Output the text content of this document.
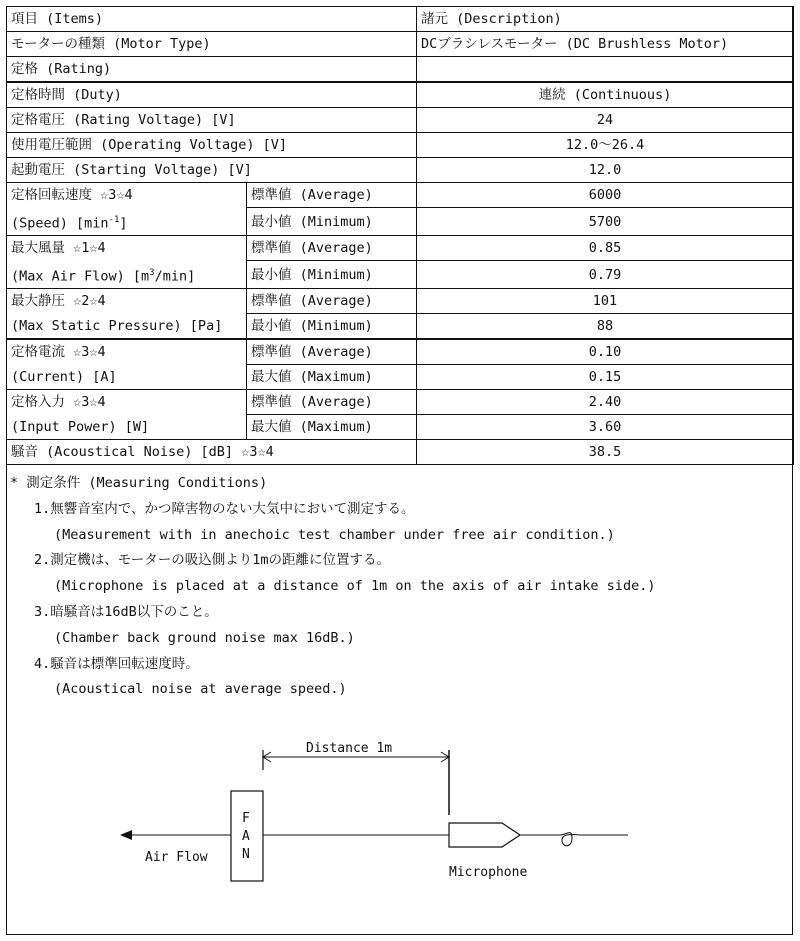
項目 (Items)		諸元 (Description)
モーターの種類 (Motor Type)		DCブラシレスモーター (DC Brushless Motor)
定格 (Rating)		
定格時間 (Duty)		連続 (Continuous)
定格電圧 (Rating Voltage) [V]		24
使用電圧範囲 (Operating Voltage) [V]		12.0～26.4
起動電圧 (Starting Voltage) [V]		12.0
定格回転速度 ☆3☆4	標準値 (Average)	6000
(Speed) $[\min^{-1}]$	最小値 (Minimum)	5700
最大風量 ☆1☆4	標準値 (Average)	0.85
(Max Air Flow) $[m^3/\min]$	最小値 (Minimum)	0.79
最大静圧 ☆2☆4	標準値 (Average)	101
(Max Static Pressure) [Pa]	最小値 (Minimum)	88
定格電流 ☆3☆4	標準値 (Average)	0.10
(Current) [A]	最大値 (Maximum)	0.15
定格入力 ☆3☆4	標準値 (Average)	2.40
(Input Power) [W]	最大値 (Maximum)	3.60
騒音 (Acoustical Noise) [dB] ☆3☆4		38.5
* 測定条件 (Measuring Conditions)
1.無響音室内で、かつ障害物のない大気中において測定する。
(Measurement with in anechoic test chamber under free air condition.)
2.測定機は、モーターの吸込側より1mの距離に位置する。
(Microphone is placed at a distance of 1m on the axis of air intake side.)
3.暗騒音は16dB以下のこと。
(Chamber back ground noise max 16dB.)
4.騒音は標準回転速度時。
(Acoustical noise at average speed.)
Distance 1m
Air Flow
F
A
N
Microphone
